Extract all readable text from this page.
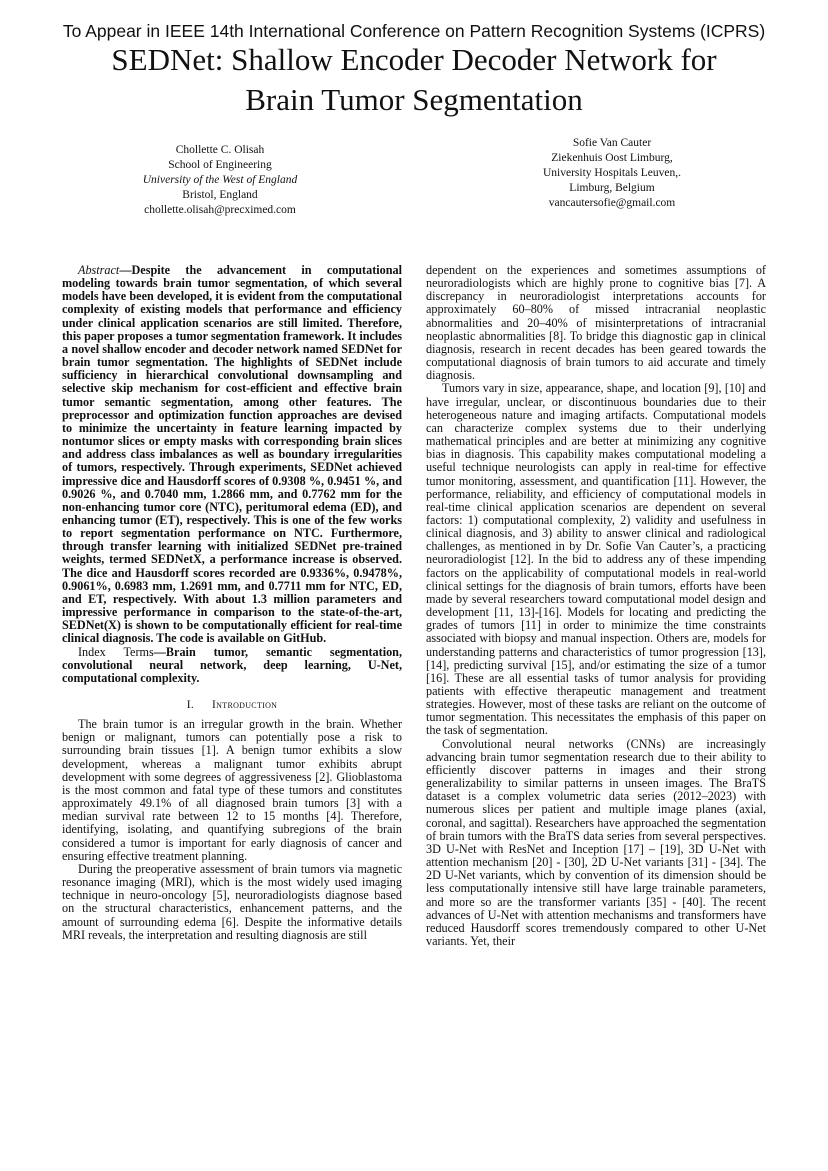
To Appear in IEEE 14th International Conference on Pattern Recognition Systems (ICPRS)
SEDNet: Shallow Encoder Decoder Network for
Brain Tumor Segmentation
Chollette C. Olisah
School of Engineering
University of the West of England
Bristol, England
chollette.olisah@precximed.com
Sofie Van Cauter
Ziekenhuis Oost Limburg,
University Hospitals Leuven,.
Limburg, Belgium
vancautersofie@gmail.com

Abstract—Despite the advancement in computational modeling towards brain tumor segmentation, of which several models have been developed, it is evident from the computational complexity of existing models that performance and efficiency under clinical application scenarios are still limited. Therefore, this paper proposes a tumor segmentation framework. It includes a novel shallow encoder and decoder network named SEDNet for brain tumor segmentation. The highlights of SEDNet include sufficiency in hierarchical convolutional downsampling and selective skip mechanism for cost-efficient and effective brain tumor semantic segmentation, among other features. The preprocessor and optimization function approaches are devised to minimize the uncertainty in feature learning impacted by nontumor slices or empty masks with corresponding brain slices and address class imbalances as well as boundary irregularities of tumors, respectively. Through experiments, SEDNet achieved impressive dice and Hausdorff scores of 0.9308 %, 0.9451 %, and 0.9026 %, and 0.7040 mm, 1.2866 mm, and 0.7762 mm for the non-enhancing tumor core (NTC), peritumoral edema (ED), and enhancing tumor (ET), respectively. This is one of the few works to report segmentation performance on NTC. Furthermore, through transfer learning with initialized SEDNet pre-trained weights, termed SEDNetX, a performance increase is observed. The dice and Hausdorff scores recorded are 0.9336%, 0.9478%, 0.9061%, 0.6983 mm, 1.2691 mm, and 0.7711 mm for NTC, ED, and ET, respectively. With about 1.3 million parameters and impressive performance in comparison to the state-of-the-art, SEDNet(X) is shown to be computationally efficient for real-time clinical diagnosis. The code is available on GitHub.

Index Terms—Brain tumor, semantic segmentation, convolutional neural network, deep learning, U-Net, computational complexity.

I. Introduction

The brain tumor is an irregular growth in the brain. Whether benign or malignant, tumors can potentially pose a risk to surrounding brain tissues [1]. A benign tumor exhibits a slow development, whereas a malignant tumor exhibits abrupt development with some degrees of aggressiveness [2]. Glioblastoma is the most common and fatal type of these tumors and constitutes approximately 49.1% of all diagnosed brain tumors [3] with a median survival rate between 12 to 15 months [4]. Therefore, identifying, isolating, and quantifying subregions of the brain considered a tumor is important for early diagnosis of cancer and ensuring effective treatment planning.

During the preoperative assessment of brain tumors via magnetic resonance imaging (MRI), which is the most widely used imaging technique in neuro-oncology [5], neuroradiologists diagnose based on the structural characteristics, enhancement patterns, and the amount of surrounding edema [6]. Despite the informative details MRI reveals, the interpretation and resulting diagnosis are still

dependent on the experiences and sometimes assumptions of neuroradiologists which are highly prone to cognitive bias [7]. A discrepancy in neuroradiologist interpretations accounts for approximately 60–80% of missed intracranial neoplastic abnormalities and 20–40% of misinterpretations of intracranial neoplastic abnormalities [8]. To bridge this diagnostic gap in clinical diagnosis, research in recent decades has been geared towards the computational diagnosis of brain tumors to aid accurate and timely diagnosis.

Tumors vary in size, appearance, shape, and location [9], [10] and have irregular, unclear, or discontinuous boundaries due to their heterogeneous nature and imaging artifacts. Computational models can characterize complex systems due to their underlying mathematical principles and are better at minimizing any cognitive bias in diagnosis. This capability makes computational modeling a useful technique neurologists can apply in real-time for effective tumor monitoring, assessment, and quantification [11]. However, the performance, reliability, and efficiency of computational models in real-time clinical application scenarios are dependent on several factors: 1) computational complexity, 2) validity and usefulness in clinical diagnosis, and 3) ability to answer clinical and radiological challenges, as mentioned in by Dr. Sofie Van Cauter’s, a practicing neuroradiologist [12]. In the bid to address any of these impending factors on the applicability of computational models in real-world clinical settings for the diagnosis of brain tumors, efforts have been made by several researchers toward computational model design and development [11, 13]-[16]. Models for locating and predicting the grades of tumors [11] in order to minimize the time constraints associated with biopsy and manual inspection. Others are, models for understanding patterns and characteristics of tumor progression [13], [14], predicting survival [15], and/or estimating the size of a tumor [16]. These are all essential tasks of tumor analysis for providing patients with effective therapeutic management and treatment strategies. However, most of these tasks are reliant on the outcome of tumor segmentation. This necessitates the emphasis of this paper on the task of segmentation.

Convolutional neural networks (CNNs) are increasingly advancing brain tumor segmentation research due to their ability to efficiently discover patterns in images and their strong generalizability to similar patterns in unseen images. The BraTS dataset is a complex volumetric data series (2012–2023) with numerous slices per patient and multiple image planes (axial, coronal, and sagittal). Researchers have approached the segmentation of brain tumors with the BraTS data series from several perspectives. 3D U-Net with ResNet and Inception [17] – [19], 3D U-Net with attention mechanism [20] - [30], 2D U-Net variants [31] - [34]. The 2D U-Net variants, which by convention of its dimension should be less computationally intensive still have large trainable parameters, and more so are the transformer variants [35] - [40]. The recent advances of U-Net with attention mechanisms and transformers have reduced Hausdorff scores tremendously compared to other U-Net variants. Yet, their
